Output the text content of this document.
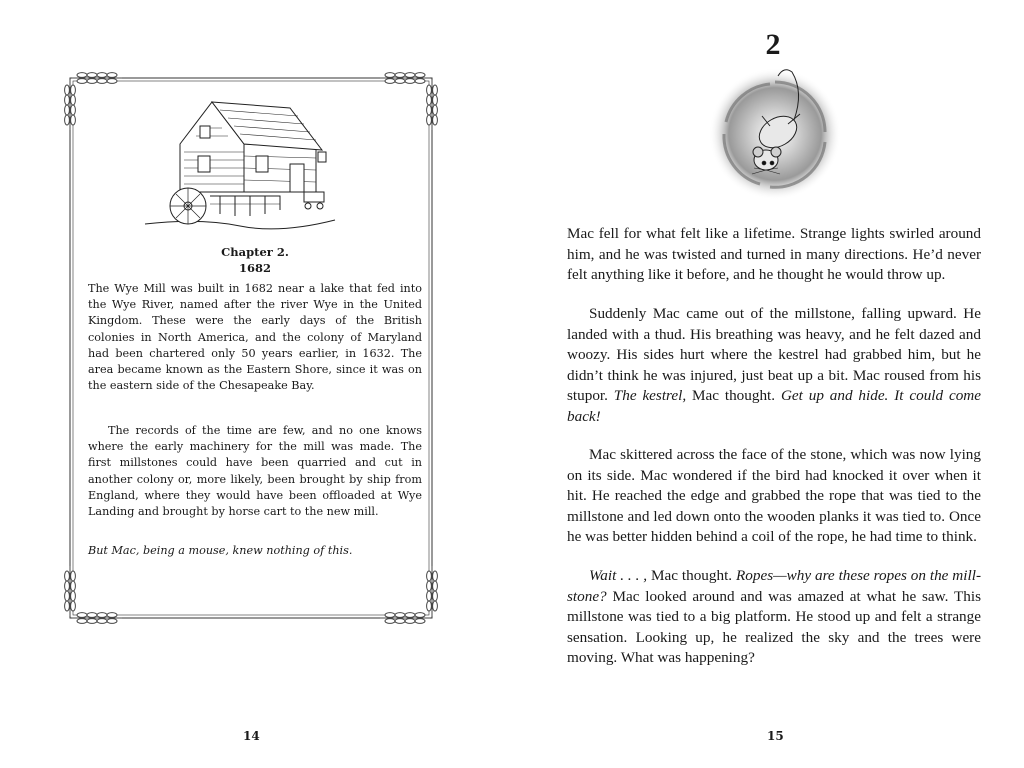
Chapter 2.
1682

The Wye Mill was built in 1682 near a lake that fed into the Wye River, named after the river Wye in the United Kingdom. These were the early days of the British colonies in North America, and the colony of Maryland had been chartered only 50 years earlier, in 1632. The area became known as the Eastern Shore, since it was on the eastern side of the Chesapeake Bay.

The records of the time are few, and no one knows where the early machinery for the mill was made. The first millstones could have been quarried and cut in another colony or, more likely, been brought by ship from England, where they would have been offloaded at Wye Landing and brought by horse cart to the new mill.

But Mac, being a mouse, knew nothing of this.

14
2

Mac fell for what felt like a lifetime. Strange lights swirled around him, and he was twisted and turned in many directions. He’d never felt anything like it before, and he thought he would throw up.

Suddenly Mac came out of the millstone, falling upward. He landed with a thud. His breathing was heavy, and he felt dazed and woozy. His sides hurt where the kestrel had grabbed him, but he didn’t think he was injured, just beat up a bit. Mac roused from his stupor. The kestrel, Mac thought. Get up and hide. It could come back!

Mac skittered across the face of the stone, which was now lying on its side. Mac wondered if the bird had knocked it over when it hit. He reached the edge and grabbed the rope that was tied to the millstone and led down onto the wooden planks it was tied to. Once he was better hidden behind a coil of the rope, he had time to think.

Wait . . . , Mac thought. Ropes—why are these ropes on the millstone? Mac looked around and was amazed at what he saw. This millstone was tied to a big platform. He stood up and felt a strange sensation. Looking up, he realized the sky and the trees were moving. What was happening?

15
